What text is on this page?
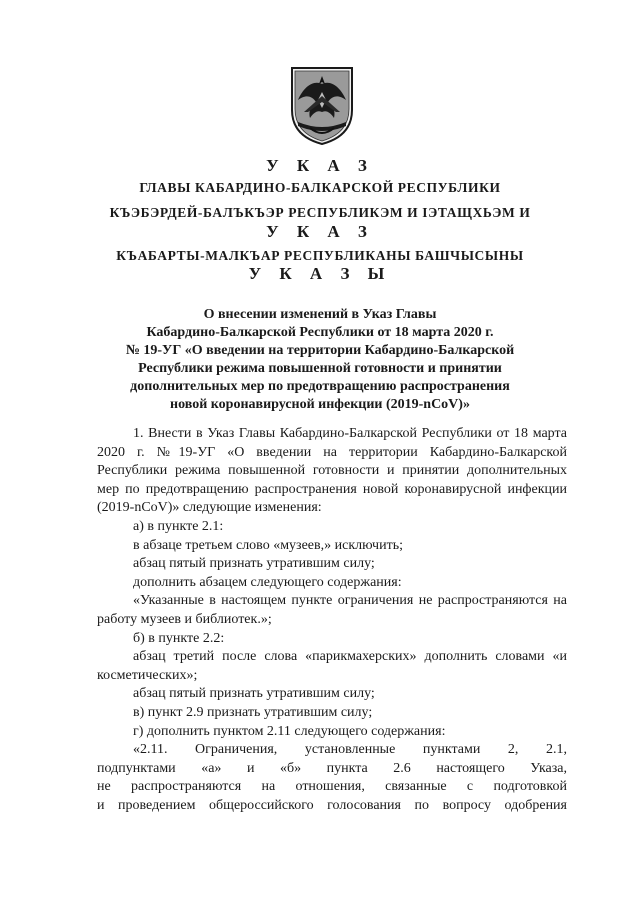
У К А З
ГЛАВЫ КАБАРДИНО-БАЛКАРСКОЙ РЕСПУБЛИКИ
КЪЭБЭРДЕЙ-БАЛЪКЪЭР РЕСПУБЛИКЭМ И ІЭТАЩХЬЭМ И
У К А З
КЪАБАРТЫ-МАЛКЪАР РЕСПУБЛИКАНЫ БАШЧЫСЫНЫ
У К А З Ы
О внесении изменений в Указ Главы
Кабардино-Балкарской Республики от 18 марта 2020 г.
№ 19-УГ «О введении на территории Кабардино-Балкарской
Республики режима повышенной готовности и принятии
дополнительных мер по предотвращению распространения
новой коронавирусной инфекции (2019-nCoV)»

1. Внести в Указ Главы Кабардино-Балкарской Республики от 18 марта 2020 г. №19-УГ «О введении на территории Кабардино-Балкарской Республики режима повышенной готовности и принятии дополнительных мер по предотвращению распространения новой коронавирусной инфекции (2019-nCoV)» следующие изменения:

а) в пункте 2.1:

в абзаце третьем слово «музеев,» исключить;

абзац пятый признать утратившим силу;

дополнить абзацем следующего содержания:

«Указанные в настоящем пункте ограничения не распространяются на работу музеев и библиотек.»;

б) в пункте 2.2:

абзац третий после слова «парикмахерских» дополнить словами «и косметических»;

абзац пятый признать утратившим силу;

в) пункт 2.9 признать утратившим силу;

г) дополнить пунктом 2.11 следующего содержания:

«2.11. Ограничения, установленные пунктами 2, 2.1,

подпунктами «а» и «б» пункта 2.6 настоящего Указа,

не распространяются на отношения, связанные с подготовкой

и проведением общероссийского голосования по вопросу одобрения
